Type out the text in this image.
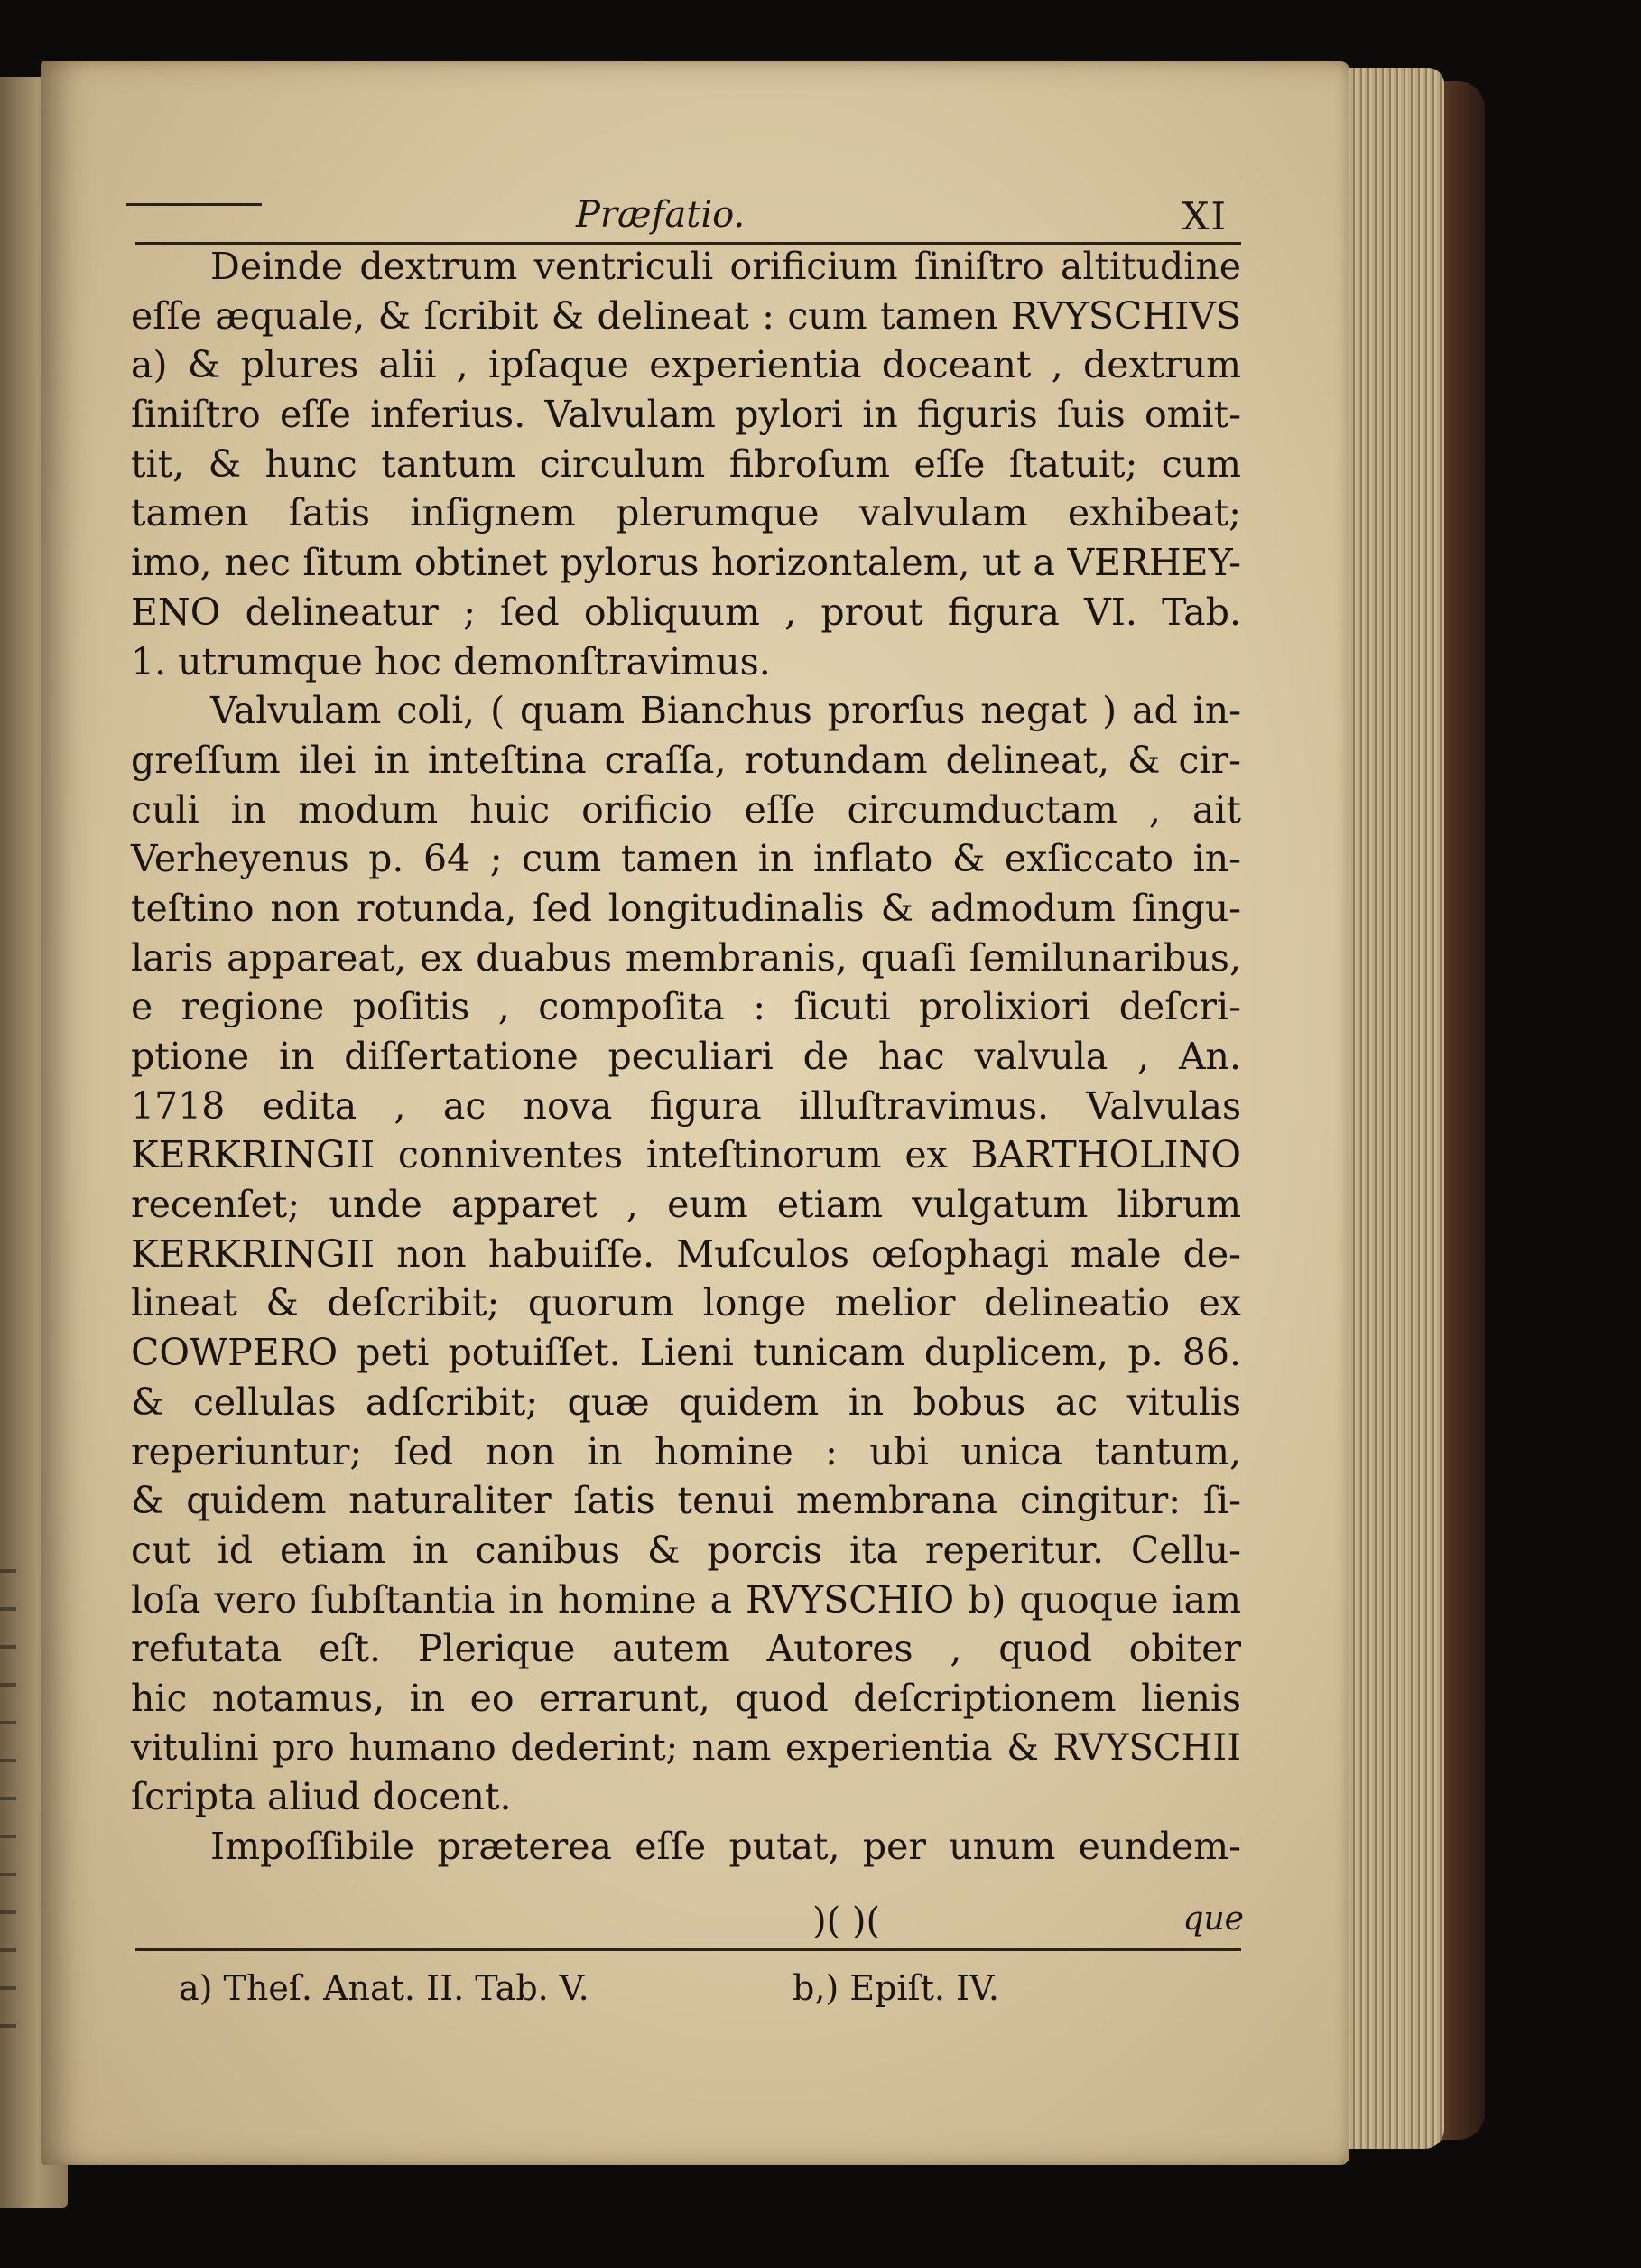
Præfatio.	XI
Deinde dextrum ventriculi orificium ſiniſtro altitudine
eſſe æquale, & ſcribit & delineat : cum tamen RVYSCHIVS
a) & plures alii , ipſaque experientia doceant , dextrum
ſiniſtro eſſe inferius. Valvulam pylori in figuris ſuis omit-
tit, & hunc tantum circulum fibroſum eſſe ſtatuit; cum
tamen ſatis inſignem plerumque valvulam exhibeat;
imo, nec ſitum obtinet pylorus horizontalem, ut a VERHEY-
ENO delineatur ; ſed obliquum , prout figura VI. Tab.
1. utrumque hoc demonſtravimus.
Valvulam coli, ( quam Bianchus prorſus negat ) ad in-
greſſum ilei in inteſtina craſſa, rotundam delineat, & cir-
culi in modum huic orificio eſſe circumductam , ait
Verheyenus p. 64 ; cum tamen in inflato & exſiccato in-
teſtino non rotunda, ſed longitudinalis & admodum ſingu-
laris appareat, ex duabus membranis, quaſi ſemilunaribus,
e regione poſitis , compoſita : ſicuti prolixiori deſcri-
ptione in diſſertatione peculiari de hac valvula , An.
1718 edita , ac nova figura illuſtravimus. Valvulas
KERKRINGII conniventes inteſtinorum ex BARTHOLINO
recenſet; unde apparet , eum etiam vulgatum librum
KERKRINGII non habuiſſe. Muſculos œſophagi male de-
lineat & deſcribit; quorum longe melior delineatio ex
COWPERO peti potuiſſet. Lieni tunicam duplicem, p. 86.
& cellulas adſcribit; quæ quidem in bobus ac vitulis
reperiuntur; ſed non in homine : ubi unica tantum,
& quidem naturaliter ſatis tenui membrana cingitur: ſi-
cut id etiam in canibus & porcis ita reperitur. Cellu-
loſa vero ſubſtantia in homine a RVYSCHIO b) quoque iam
refutata eſt. Plerique autem Autores , quod obiter
hic notamus, in eo errarunt, quod deſcriptionem lienis
vitulini pro humano dederint; nam experientia & RVYSCHII
ſcripta aliud docent.
Impoſſibile præterea eſſe putat, per unum eundem-
)( )(	que
a) Theſ. Anat. II. Tab. V.	b,) Epiſt. IV.
